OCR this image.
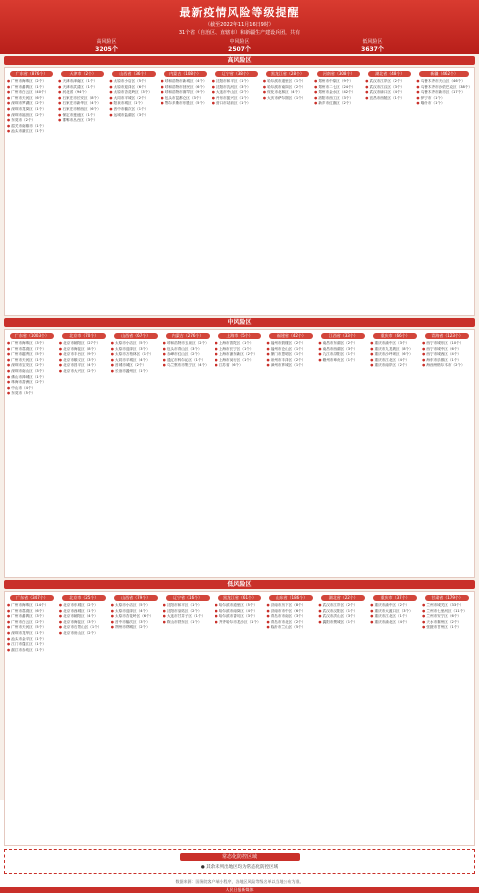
最新疫情风险等级提醒
（截至2022年11月16日9时）
31个省（自治区、直辖市）和新疆生产建设兵团，共有
高风险区
3205个
中风险区
2507个
低风险区
3637个
高风险区
广东省（876个）
● 广州市海珠区（2个）
● 广州市番禺区（1个）
● 广州市白云区（40个）
● 广州市天河区（6个）
● 深圳市罗湖区（2个）
● 深圳市龙岗区（1个）
● 深圳市福田区（2个）
● 东莞市（2个）
● 韶关市南雄市（1个）
● 汕头市濠江区（1个）
天津市（2个）
● 天津市津南区（1个）
● 天津市武清区（1个）
● 河北省（94个）
● 石家庄市长安区（8个）
● 石家庄市新华区（4个）
● 石家庄市桥西区（6个）
● 保定市莲池区（1个）
● 邯郸市丛台区（3个）
山西省（36个）
● 太原市小店区（5个）
● 太原市迎泽区（6个）
● 太原市杏花岭区（3个）
● 大同市平城区（2个）
● 阳泉市城区（1个）
● 晋中市榆次区（1个）
● 运城市盐湖区（3个）
内蒙古（108个）
● 呼和浩特市新城区（4个）
● 呼和浩特市回民区（6个）
● 呼和浩特市赛罕区（9个）
● 包头市昆都仑区（3个）
● 鄂尔多斯市东胜区（5个）
辽宁省（38个）
● 沈阳市和平区（1个）
● 沈阳市沈河区（3个）
● 大连市中山区（2个）
● 丹东市振兴区（1个）
● 营口市站前区（1个）
黑龙江省（28个）
● 哈尔滨市道里区（1个）
● 哈尔滨市南岗区（2个）
● 绥化市北林区（4个）
● 大庆市萨尔图区（1个）
河南省（308个）
● 郑州市中原区（9个）
● 郑州市二七区（24个）
● 郑州市金水区（42个）
● 洛阳市西工区（3个）
● 新乡市红旗区（2个）
湖北省（48个）
● 武汉市江岸区（2个）
● 武汉市江汉区（3个）
● 武汉市硚口区（4个）
● 宜昌市西陵区（1个）
新疆（462个）
● 乌鲁木齐市天山区（46个）
● 乌鲁木齐市沙依巴克区（38个）
● 乌鲁木齐市新市区（17个）
● 伊宁市（1个）
● 喀什市（1个）
中风险区
广东省（1003个）
● 广州市海珠区（3个）
● 广州市荔湾区（7个）
● 广州市越秀区（5个）
● 广州市天河区（1个）
● 深圳市宝安区（2个）
● 深圳市南山区（3个）
● 佛山市禅城区（1个）
● 珠海市香洲区（2个）
● 中山市（4个）
● 东莞市（5个）
北京市（70个）
● 北京市朝阳区（27个）
● 北京市海淀区（8个）
● 北京市丰台区（9个）
● 北京市顺义区（3个）
● 北京市昌平区（4个）
● 北京市大兴区（2个）
山西省（67个）
● 太原市小店区（5个）
● 太原市迎泽区（3个）
● 太原市万柏林区（1个）
● 大同市平城区（4个）
● 晋城市城区（2个）
● 长治市潞州区（1个）
内蒙古（276个）
● 呼和浩特市玉泉区（2个）
● 包头市青山区（3个）
● 赤峰市红山区（2个）
● 通辽市科尔沁区（1个）
● 乌兰察布市集宁区（4个）
上海市（5个）
● 上海市普陀区（1个）
● 上海市长宁区（1个）
● 上海市浦东新区（2个）
● 上海市闵行区（1个）
● 江苏省（6个）
福建省（42个）
● 福州市鼓楼区（2个）
● 福州市仓山区（1个）
● 厦门市思明区（1个）
● 泉州市丰泽区（2个）
● 漳州市芗城区（1个）
江西省（33个）
● 南昌市东湖区（2个）
● 南昌市西湖区（3个）
● 九江市浔阳区（1个）
● 赣州市章贡区（1个）
重庆市（66个）
● 重庆市渝中区（3个）
● 重庆市九龙坡区（8个）
● 重庆市沙坪坝区（6个）
● 重庆市江北区（4个）
● 重庆市南岸区（2个）
青海省（123个）
● 西宁市城东区（10个）
● 西宁市城中区（6个）
● 西宁市城西区（4个）
● 海东市乐都区（1个）
● 海西州格尔木市（2个）
低风险区
广东省（347个）
● 广州市海珠区（14个）
● 广州市荔湾区（6个）
● 广州市番禺区（3个）
● 广州市白云区（2个）
● 广州市天河区（5个）
● 深圳市龙华区（1个）
● 汕头市金平区（1个）
● 江门市蓬江区（1个）
● 湛江市赤坎区（1个）
北京市（25个）
● 北京市东城区（2个）
● 北京市西城区（1个）
● 北京市朝阳区（4个）
● 北京市海淀区（3个）
● 北京市石景山区（1个）
● 北京市房山区（2个）
山西省（79个）
● 太原市小店区（5个）
● 太原市迎泽区（4个）
● 太原市杏花岭区（6个）
● 晋中市榆次区（3个）
● 朔州市朔城区（2个）
辽宁省（16个）
● 沈阳市和平区（1个）
● 沈阳市皇姑区（2个）
● 大连市甘井子区（1个）
● 鞍山市铁东区（1个）
黑龙江省（61个）
● 哈尔滨市道里区（5个）
● 哈尔滨市南岗区（4个）
● 哈尔滨市香坊区（3个）
● 齐齐哈尔市龙沙区（1个）
山东省（186个）
● 济南市历下区（8个）
● 济南市市中区（6个）
● 青岛市市南区（3个）
● 青岛市市北区（2个）
● 临沂市兰山区（5个）
湖北省（22个）
● 武汉市江岸区（2个）
● 武汉市汉阳区（1个）
● 武汉市洪山区（3个）
● 襄阳市樊城区（1个）
重庆市（37个）
● 重庆市渝中区（2个）
● 重庆市大渡口区（3个）
● 重庆市江北区（1个）
● 重庆市渝北区（4个）
甘肃省（179个）
● 兰州市城关区（33个）
● 兰州市七里河区（11个）
● 兰州市安宁区（6个）
● 天水市秦州区（2个）
● 张掖市甘州区（1个）
常态化防控区域
● 其余未列出地区均为常态化防控区域
数据来源：国务院客户端小程序，各地区风险等级名单以当地公布为准。
人民日报新媒体
